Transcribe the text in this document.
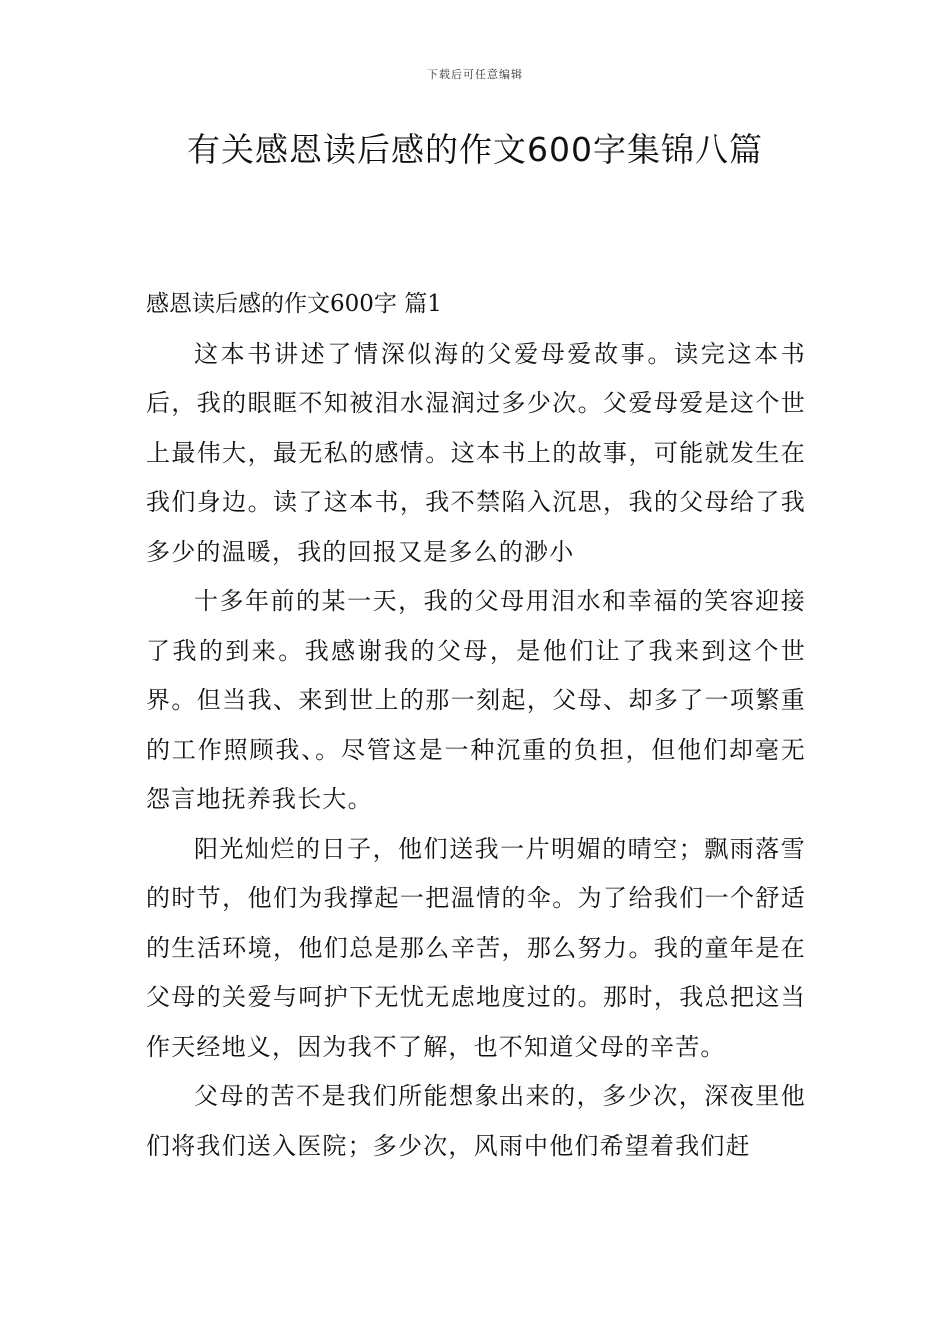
下载后可任意编辑
有关感恩读后感的作文600字集锦八篇
感恩读后感的作文600字 篇1

这本书讲述了情深似海的父爱母爱故事。读完这本书后，我的眼眶不知被泪水湿润过多少次。父爱母爱是这个世上最伟大，最无私的感情。这本书上的故事，可能就发生在我们身边。读了这本书，我不禁陷入沉思，我的父母给了我多少的温暖，我的回报又是多么的渺小

十多年前的某一天，我的父母用泪水和幸福的笑容迎接了我的到来。我感谢我的父母，是他们让了我来到这个世界。但当我、来到世上的那一刻起，父母、却多了一项繁重的工作照顾我、。尽管这是一种沉重的负担，但他们却毫无怨言地抚养我长大。

阳光灿烂的日子，他们送我一片明媚的晴空；飘雨落雪的时节，他们为我撑起一把温情的伞。为了给我们一个舒适的生活环境，他们总是那么辛苦，那么努力。我的童年是在父母的关爱与呵护下无忧无虑地度过的。那时，我总把这当作天经地义，因为我不了解，也不知道父母的辛苦。

父母的苦不是我们所能想象出来的，多少次，深夜里他们将我们送入医院；多少次，风雨中他们希望着我们赶
